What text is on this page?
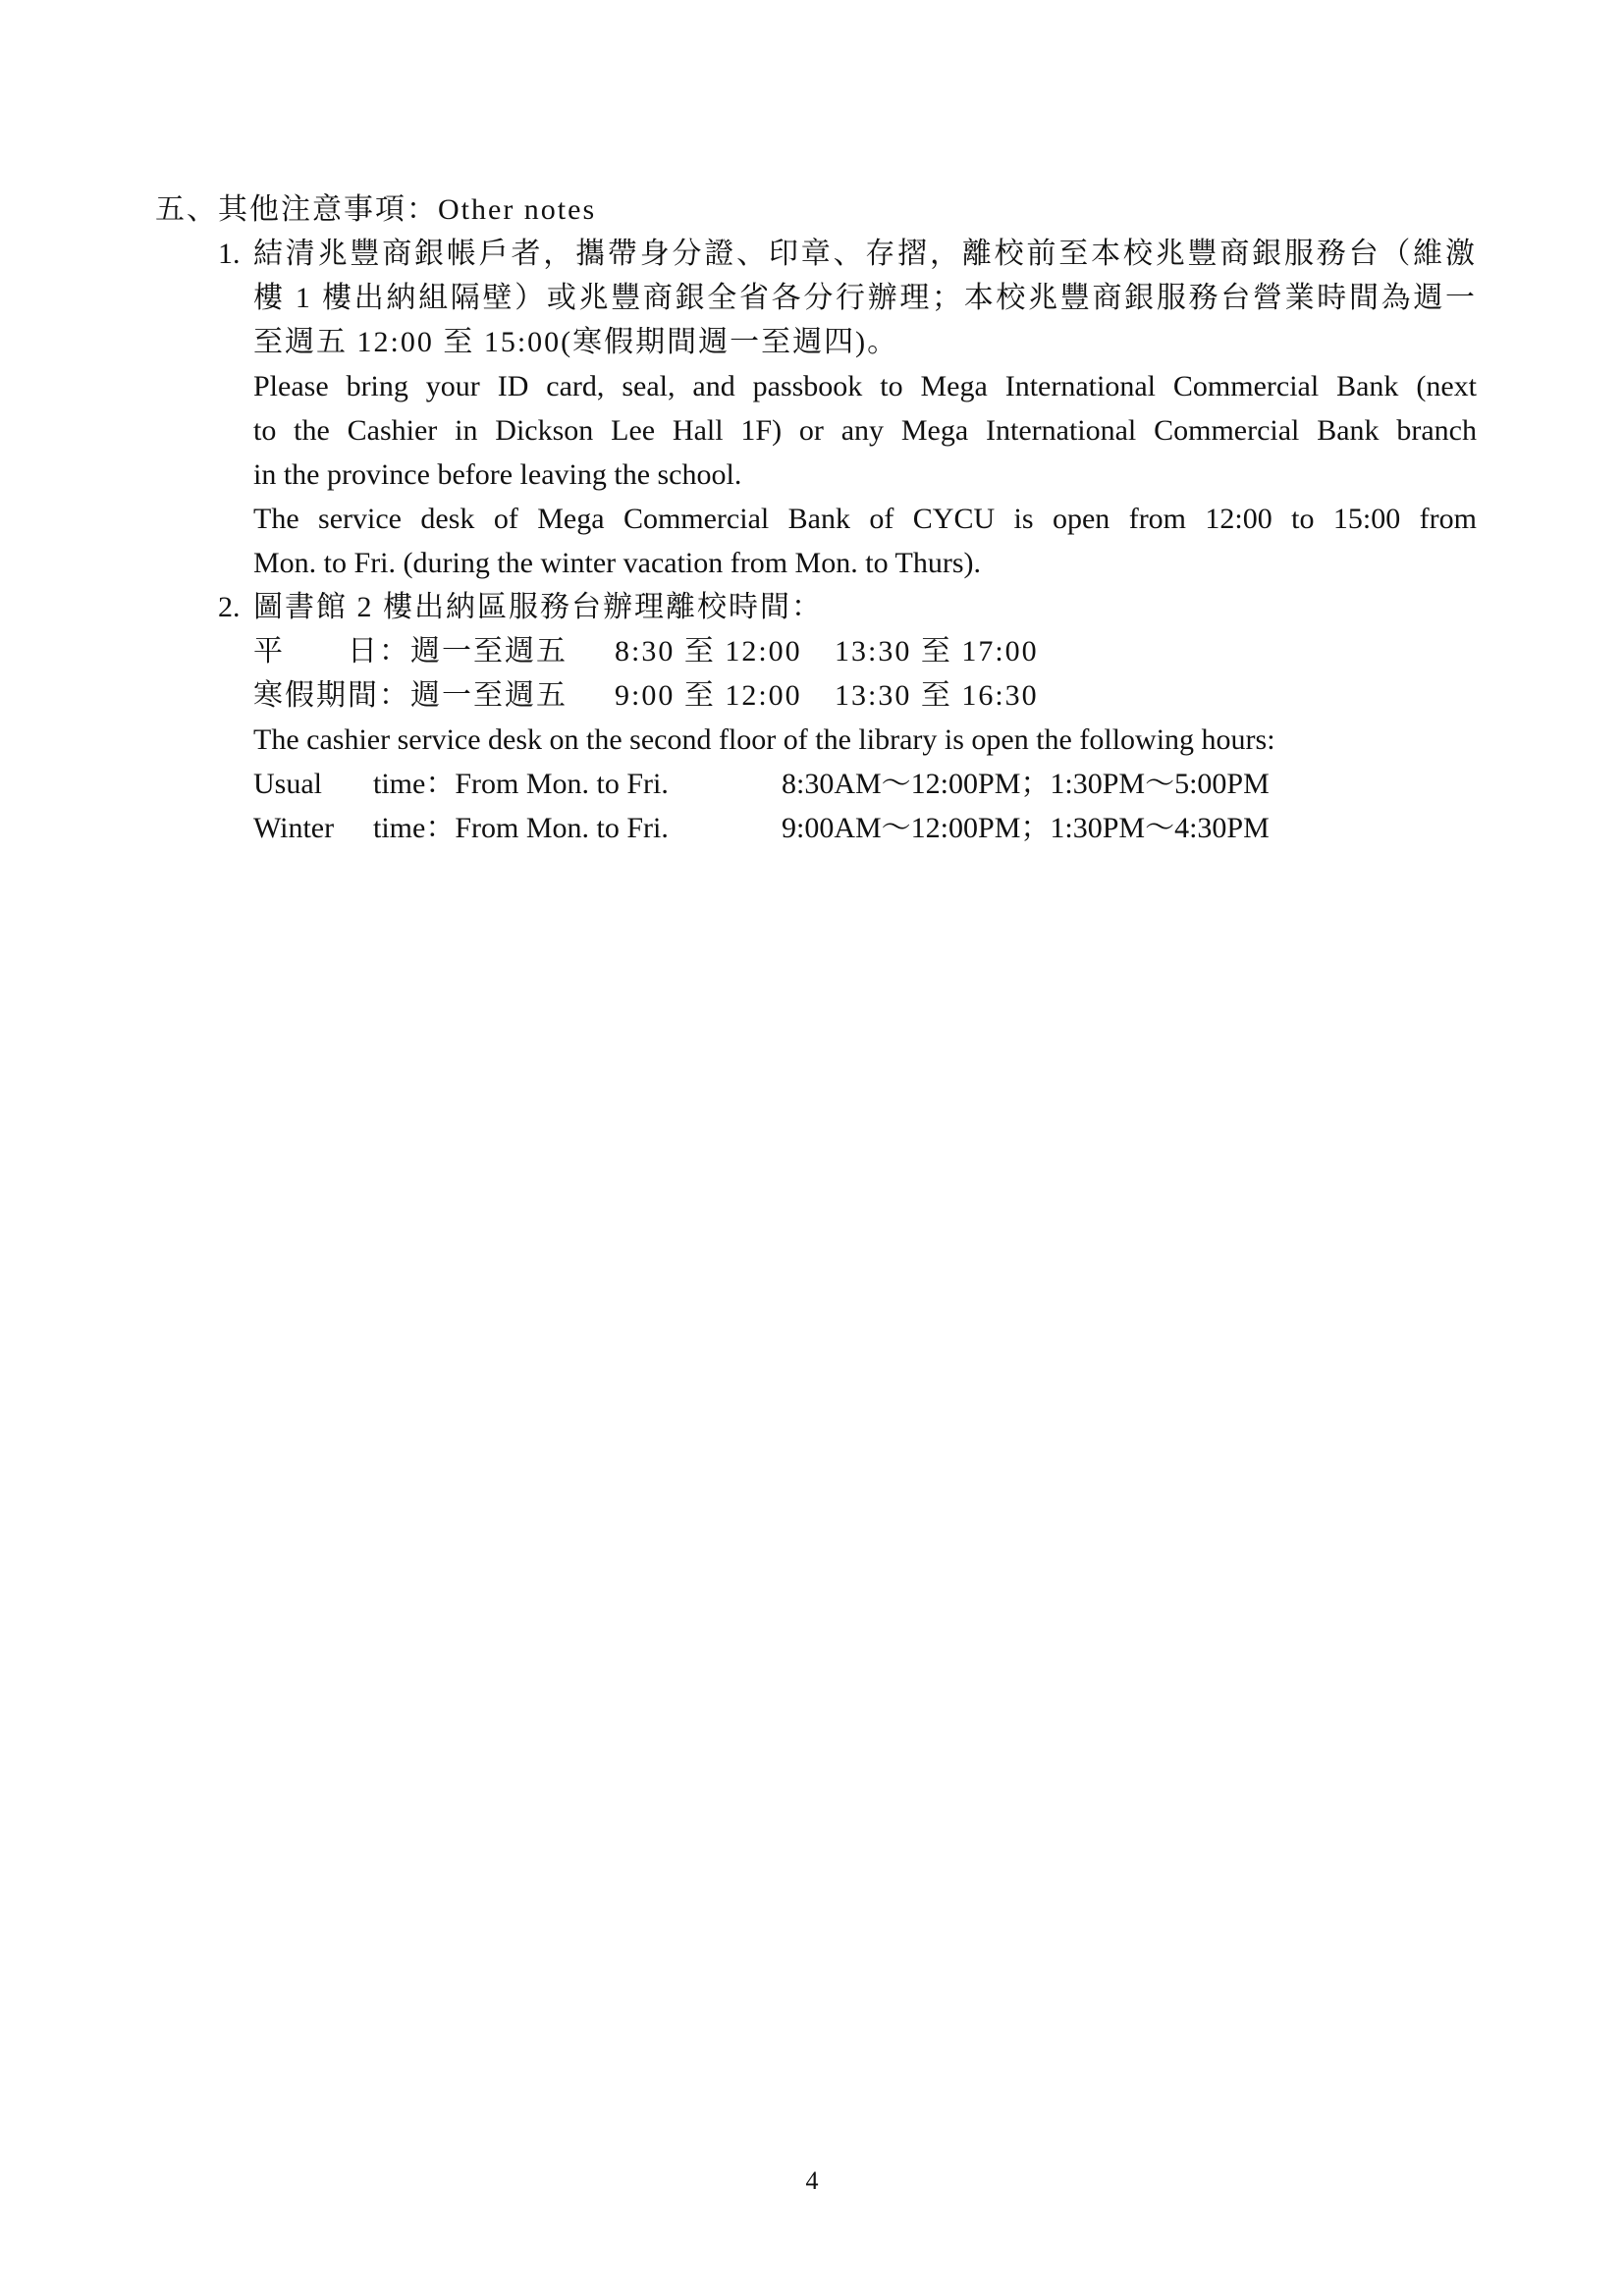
五、其他注意事項：Other notes
1. 結清兆豐商銀帳戶者，攜帶身分證、印章、存摺，離校前至本校兆豐商銀服務台（維激
樓 1 樓出納組隔壁）或兆豐商銀全省各分行辦理；本校兆豐商銀服務台營業時間為週一
至週五 12:00 至 15:00(寒假期間週一至週四)。
Please bring your ID card, seal, and passbook to Mega International Commercial Bank (next
to the Cashier in Dickson Lee Hall 1F) or any Mega International Commercial Bank branch
in the province before leaving the school.
The service desk of Mega Commercial Bank of CYCU is open from 12:00 to 15:00 from
Mon. to Fri. (during the winter vacation from Mon. to Thurs).
2. 圖書館 2 樓出納區服務台辦理離校時間：
平　　日：週一至週五 8:30 至 12:00 13:30 至 17:00
寒假期間：週一至週五 9:00 至 12:00 13:30 至 16:30
The cashier service desk on the second floor of the library is open the following hours:
Usual time：From Mon. to Fri.	8:30AM～12:00PM；1:30PM～5:00PM
Winter time：From Mon. to Fri.	9:00AM～12:00PM；1:30PM～4:30PM
4
